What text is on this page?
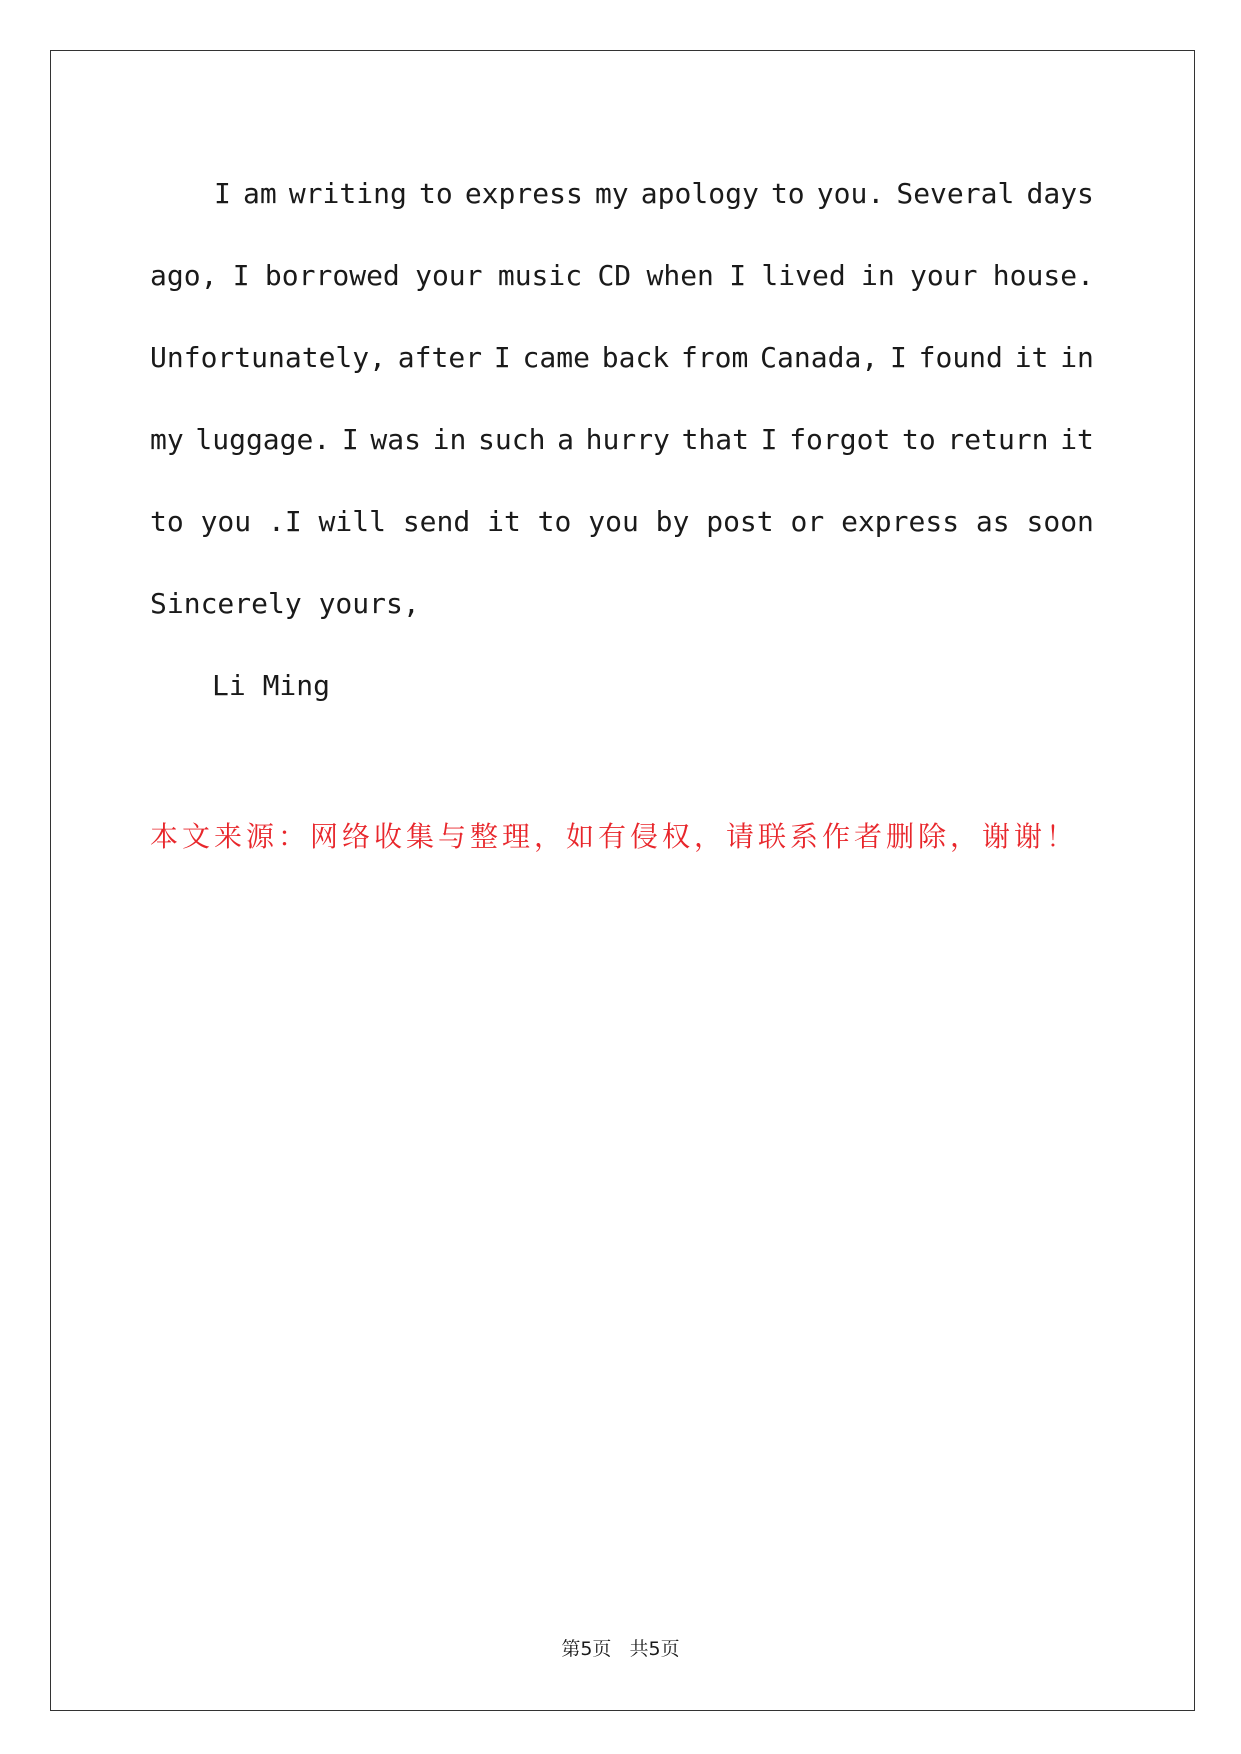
I am writing to express my apology to you. Several days
ago, I borrowed your music CD when I lived in your house.
Unfortunately, after I came back from Canada, I found it in
my luggage. I was in such a hurry that I forgot to return it
to you .I will send it to you by post or express as soon
Sincerely yours,
Li Ming
本文来源：网络收集与整理，如有侵权，请联系作者删除，谢谢！
第5页   共5页
